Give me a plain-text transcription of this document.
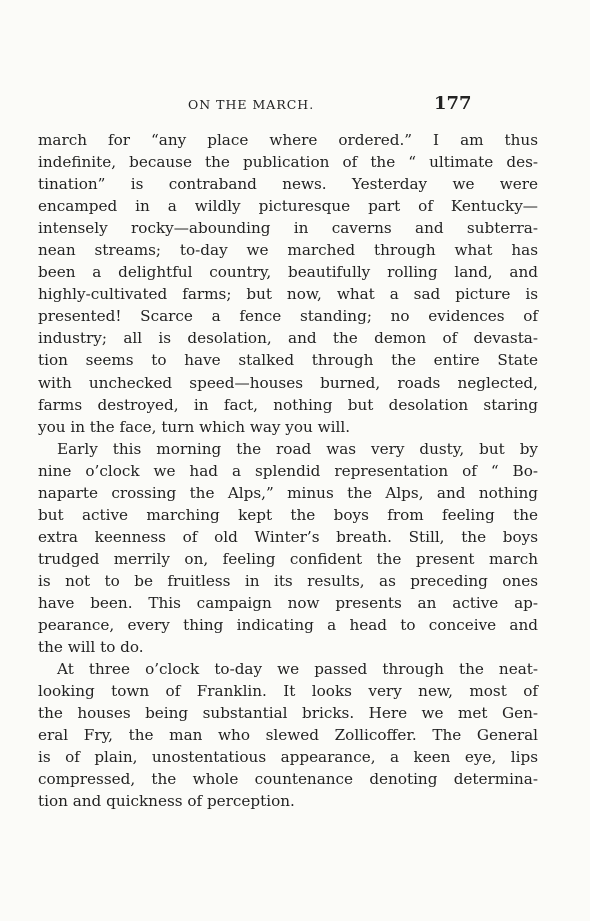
ON THE MARCH.	177
march for “any place where ordered.” I am thus
indefinite, because the publication of the “ ultimate des-
tination” is contraband news. Yesterday we were
encamped in a wildly picturesque part of Kentucky—
intensely rocky—abounding in caverns and subterra-
nean streams; to-day we marched through what has
been a delightful country, beautifully rolling land, and
highly-cultivated farms; but now, what a sad picture is
presented! Scarce a fence standing; no evidences of
industry; all is desolation, and the demon of devasta-
tion seems to have stalked through the entire State
with unchecked speed—houses burned, roads neglected,
farms destroyed, in fact, nothing but desolation staring
you in the face, turn which way you will.
Early this morning the road was very dusty, but by
nine o’clock we had a splendid representation of “ Bo-
naparte crossing the Alps,” minus the Alps, and nothing
but active marching kept the boys from feeling the
extra keenness of old Winter’s breath. Still, the boys
trudged merrily on, feeling confident the present march
is not to be fruitless in its results, as preceding ones
have been. This campaign now presents an active ap-
pearance, every thing indicating a head to conceive and
the will to do.
At three o’clock to-day we passed through the neat-
looking town of Franklin. It looks very new, most of
the houses being substantial bricks. Here we met Gen-
eral Fry, the man who slewed Zollicoffer. The General
is of plain, unostentatious appearance, a keen eye, lips
compressed, the whole countenance denoting determina-
tion and quickness of perception.
